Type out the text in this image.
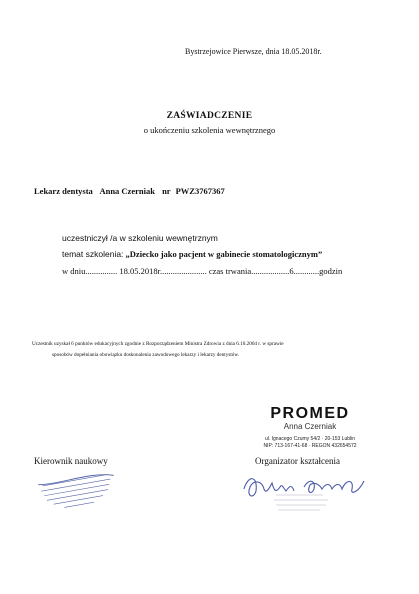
Bystrzejowice Pierwsze, dnia 18.05.2018r.
ZAŚWIADCZENIE
o ukończeniu szkolenia wewnętrznego
Lekarz dentysta Anna Czerniak nr PWZ3767367
uczestniczył /a w szkoleniu wewnętrznym
temat szkolenia: „Dziecko jako pacjent w gabinecie stomatologicznym”
w dniu............... 18.05.2018r...................... czas trwania..................6............godzin
Uczestnik uzyskał 6 punktów edukacyjnych zgodnie z Rozporządzeniem Ministra Zdrowia z dnia 6.10.2004 r. w sprawie
sposobów dopełniania obowiązku doskonalenia zawodowego lekarzy i lekarzy dentystów.
PROMED
Anna Czerniak
ul. Ignacego Czumy 54/2 · 20-153 Lublin
NIP: 713-167-41-68 · REGON 432654572
Organizator kształcenia
Kierownik naukowy
